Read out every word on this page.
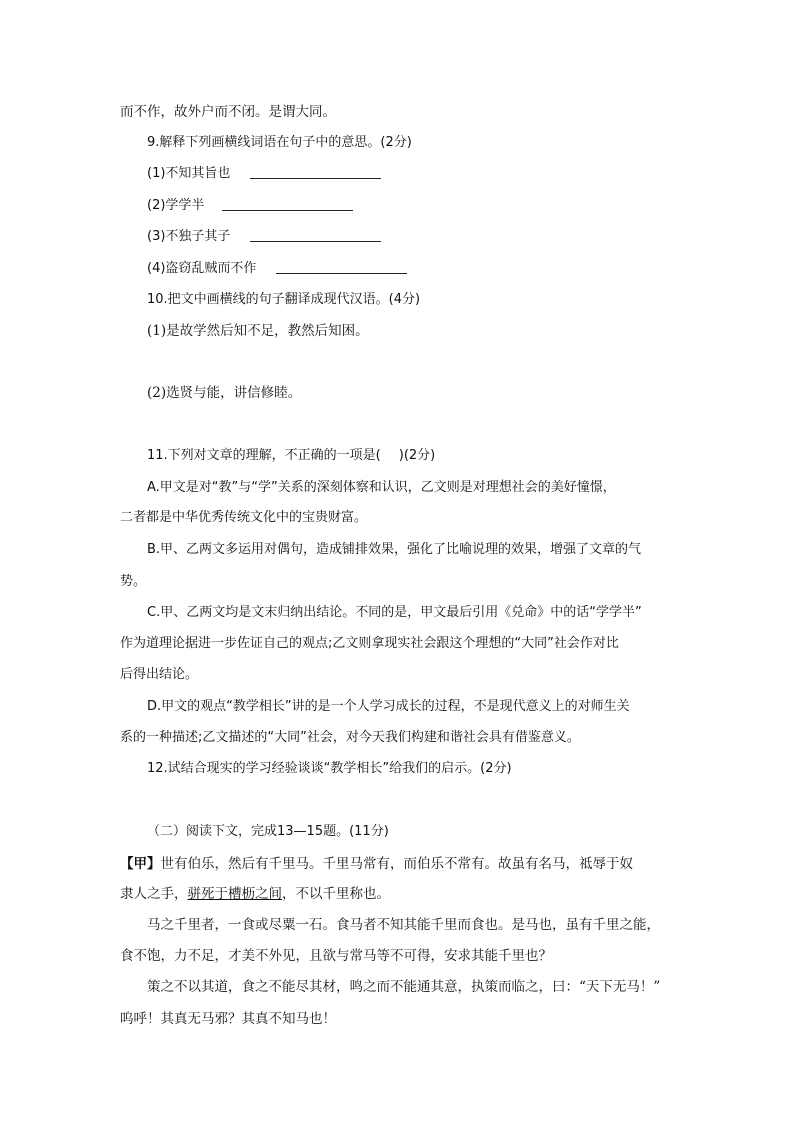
而不作，故外户而不闭。是谓大同。
9.解释下列画横线词语在句子中的意思。(2分)
(1)不知其旨也
(2)学学半
(3)不独子其子
(4)盗窃乱贼而不作
10.把文中画横线的句子翻译成现代汉语。(4分)
(1)是故学然后知不足，教然后知困。
(2)选贤与能，讲信修睦。
11.下列对文章的理解，不正确的一项是( )(2分)
A.甲文是对“教”与“学”关系的深刻体察和认识，乙文则是对理想社会的美好憧憬，
二者都是中华优秀传统文化中的宝贵财富。
B.甲、乙两文多运用对偶句，造成铺排效果，强化了比喻说理的效果，增强了文章的气
势。
C.甲、乙两文均是文末归纳出结论。不同的是，甲文最后引用《兑命》中的话“学学半”
作为道理论据进一步佐证自己的观点;乙文则拿现实社会跟这个理想的“大同”社会作对比
后得出结论。
D.甲文的观点“教学相长”讲的是一个人学习成长的过程，不是现代意义上的对师生关
系的一种描述;乙文描述的“大同”社会，对今天我们构建和谐社会具有借鉴意义。
12.试结合现实的学习经验谈谈“教学相长”给我们的启示。(2分)
（二）阅读下文，完成13—15题。(11分)
【甲】世有伯乐，然后有千里马。千里马常有，而伯乐不常有。故虽有名马，祗辱于奴
隶人之手，骈死于槽枥之间，不以千里称也。
马之千里者，一食或尽粟一石。食马者不知其能千里而食也。是马也，虽有千里之能，
食不饱，力不足，才美不外见，且欲与常马等不可得，安求其能千里也？
策之不以其道，食之不能尽其材，鸣之而不能通其意，执策而临之，曰：“天下无马！”
呜呼！其真无马邪？其真不知马也！
